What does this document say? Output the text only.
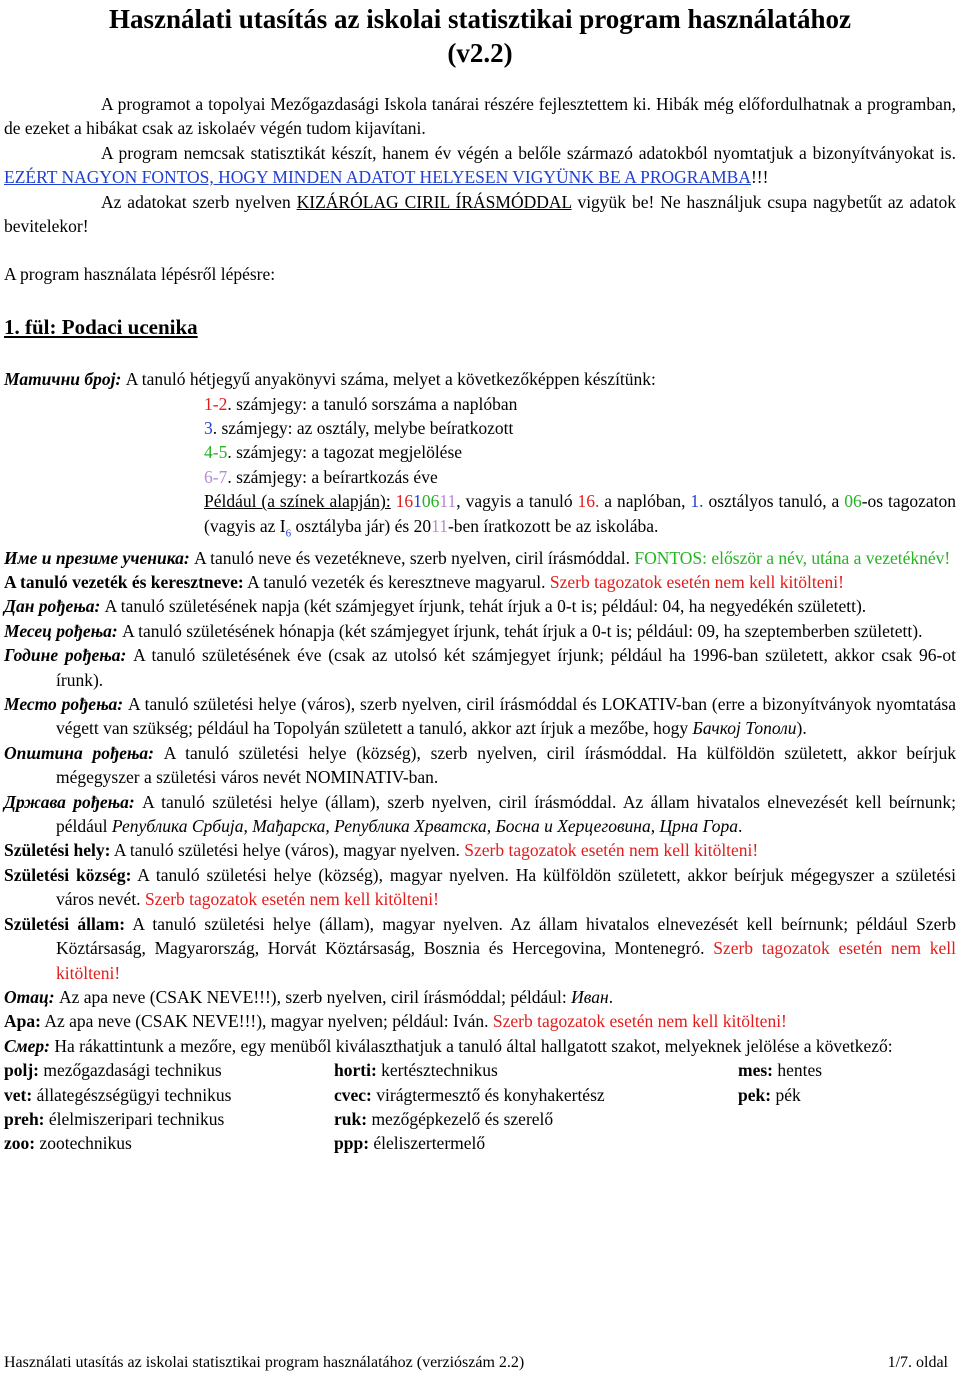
Használati utasítás az iskolai statisztikai program használatához
(v2.2)
A programot a topolyai Mezőgazdasági Iskola tanárai részére fejlesztettem ki. Hibák még előfordulhatnak a programban, de ezeket a hibákat csak az iskolaév végén tudom kijavítani.
A program nemcsak statisztikát készít, hanem év végén a belőle származó adatokból nyomtatjuk a bizonyítványokat is. EZÉRT NAGYON FONTOS, HOGY MINDEN ADATOT HELYESEN VIGYÜNK BE A PROGRAMBA!!!
Az adatokat szerb nyelven KIZÁRÓLAG CIRIL ÍRÁSMÓDDAL vigyük be! Ne használjuk csupa nagybetűt az adatok bevitelekor!
A program használata lépésről lépésre:
1. fül: Podaci ucenika
Матични број: A tanuló hétjegyű anyakönyvi száma, melyet a következőképpen készítünk:
1-2. számjegy: a tanuló sorszáma a naplóban
3. számjegy: az osztály, melybe beíratkozott
4-5. számjegy: a tagozat megjelölése
6-7. számjegy: a beírartkozás éve
Például (a színek alapján): 1610611, vagyis a tanuló 16. a naplóban, 1. osztályos tanuló, a 06-os tagozaton (vagyis az $I_6$ osztályba jár) és 2011-ben íratkozott be az iskolába.
Име и презиме ученика: A tanuló neve és vezetékneve, szerb nyelven, ciril írásmóddal. FONTOS: először a név, utána a vezetéknév!
A tanuló vezeték és keresztneve: A tanuló vezeték és keresztneve magyarul. Szerb tagozatok esetén nem kell kitölteni!
Дан рођења: A tanuló születésének napja (két számjegyet írjunk, tehát írjuk a 0-t is; például: 04, ha negyedékén született).
Месец рођења: A tanuló születésének hónapja (két számjegyet írjunk, tehát írjuk a 0-t is; például: 09, ha szeptemberben született).
Године рођења: A tanuló születésének éve (csak az utolsó két számjegyet írjunk; például ha 1996-ban született, akkor csak 96-ot írunk).
Место рођења: A tanuló születési helye (város), szerb nyelven, ciril írásmóddal és LOKATIV-ban (erre a bizonyítványok nyomtatása végett van szükség; például ha Topolyán született a tanuló, akkor azt írjuk a mezőbe, hogy Бачкој Тополи).
Општина рођења: A tanuló születési helye (község), szerb nyelven, ciril írásmóddal. Ha külföldön született, akkor beírjuk mégegyszer a születési város nevét NOMINATIV-ban.
Држава рођења: A tanuló születési helye (állam), szerb nyelven, ciril írásmóddal. Az állam hivatalos elnevezését kell beírnunk; például Република Србија, Мађарска, Република Хрватска, Босна и Херцеговина, Црна Гора.
Születési hely: A tanuló születési helye (város), magyar nyelven. Szerb tagozatok esetén nem kell kitölteni!
Születési község: A tanuló születési helye (község), magyar nyelven. Ha külföldön született, akkor beírjuk mégegyszer a születési város nevét. Szerb tagozatok esetén nem kell kitölteni!
Születési állam: A tanuló születési helye (állam), magyar nyelven. Az állam hivatalos elnevezését kell beírnunk; például Szerb Köztársaság, Magyarország, Horvát Köztársaság, Bosznia és Hercegovina, Montenegró. Szerb tagozatok esetén nem kell kitölteni!
Отац: Az apa neve (CSAK NEVE!!!), szerb nyelven, ciril írásmóddal; például: Иван.
Apa: Az apa neve (CSAK NEVE!!!), magyar nyelven; például: Iván. Szerb tagozatok esetén nem kell kitölteni!
Смер: Ha rákattintunk a mezőre, egy menüből kiválaszthatjuk a tanuló által hallgatott szakot, melyeknek jelölése a következő:
polj: mezőgazdasági technikus	horti: kertésztechnikus	mes: hentes
vet: állategészségügyi technikus	cvec: virágtermesztő és konyhakertész	pek: pék
preh: élelmiszeripari technikus	ruk: mezőgépkezelő és szerelő
zoo: zootechnikus	ppp: éleliszertermelő
Használati utasítás az iskolai statisztikai program használatához (verziószám 2.2)	1/7. oldal
